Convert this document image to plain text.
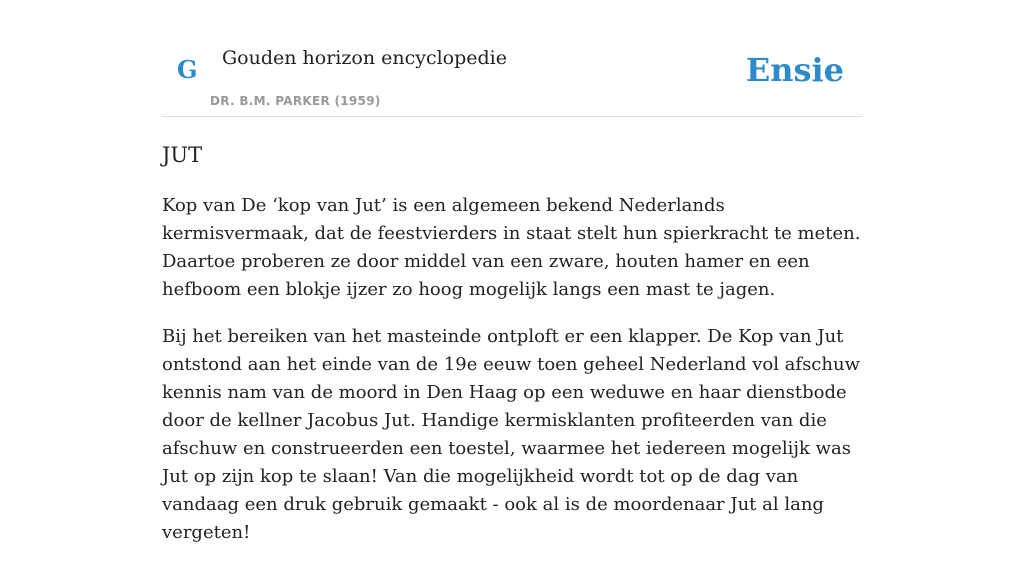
G Gouden horizon encyclopedie
DR. B.M. PARKER (1959)
Ensie
JUT

Kop van De ‘kop van Jut’ is een algemeen bekend Nederlands kermisvermaak, dat de feestvierders in staat stelt hun spierkracht te meten. Daartoe proberen ze door middel van een zware, houten hamer en een hefboom een blokje ijzer zo hoog mogelijk langs een mast te jagen.

Bij het bereiken van het masteinde ontploft er een klapper. De Kop van Jut ontstond aan het einde van de 19e eeuw toen geheel Nederland vol afschuw kennis nam van de moord in Den Haag op een weduwe en haar dienstbode door de kellner Jacobus Jut. Handige kermisklanten profiteerden van die afschuw en construeerden een toestel, waarmee het iedereen mogelijk was Jut op zijn kop te slaan! Van die mogelijkheid wordt tot op de dag van vandaag een druk gebruik gemaakt - ook al is de moordenaar Jut al lang vergeten!
